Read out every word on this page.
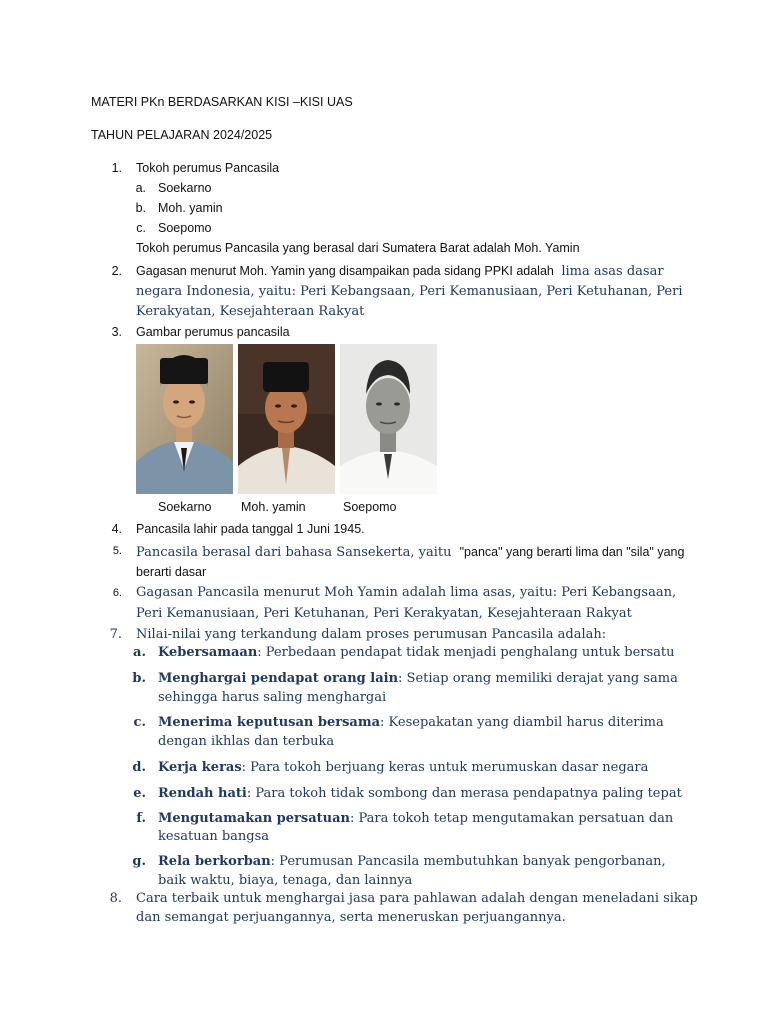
MATERI PKn BERDASARKAN KISI –KISI UAS
TAHUN PELAJARAN 2024/2025
1. Tokoh perumus Pancasila
a. Soekarno
b. Moh. yamin
c. Soepomo
Tokoh perumus Pancasila yang berasal dari Sumatera Barat adalah Moh. Yamin
2. Gagasan menurut Moh. Yamin yang disampaikan pada sidang PPKI adalah lima asas dasar
negara Indonesia, yaitu: Peri Kebangsaan, Peri Kemanusiaan, Peri Ketuhanan, Peri
Kerakyatan, Kesejahteraan Rakyat
3. Gambar perumus pancasila
Soekarno Moh. yamin	Soepomo
4. Pancasila lahir pada tanggal 1 Juni 1945.
5. Pancasila berasal dari bahasa Sansekerta, yaitu "panca" yang berarti lima dan "sila" yang
berarti dasar
6. Gagasan Pancasila menurut Moh Yamin adalah lima asas, yaitu: Peri Kebangsaan,
Peri Kemanusiaan, Peri Ketuhanan, Peri Kerakyatan, Kesejahteraan Rakyat
7. Nilai-nilai yang terkandung dalam proses perumusan Pancasila adalah:
a. Kebersamaan: Perbedaan pendapat tidak menjadi penghalang untuk bersatu
b. Menghargai pendapat orang lain: Setiap orang memiliki derajat yang sama
sehingga harus saling menghargai
c. Menerima keputusan bersama: Kesepakatan yang diambil harus diterima
dengan ikhlas dan terbuka
d. Kerja keras: Para tokoh berjuang keras untuk merumuskan dasar negara
e. Rendah hati: Para tokoh tidak sombong dan merasa pendapatnya paling tepat
f. Mengutamakan persatuan: Para tokoh tetap mengutamakan persatuan dan
kesatuan bangsa
g. Rela berkorban: Perumusan Pancasila membutuhkan banyak pengorbanan,
baik waktu, biaya, tenaga, dan lainnya
8. Cara terbaik untuk menghargai jasa para pahlawan adalah dengan meneladani sikap
dan semangat perjuangannya, serta meneruskan perjuangannya.
